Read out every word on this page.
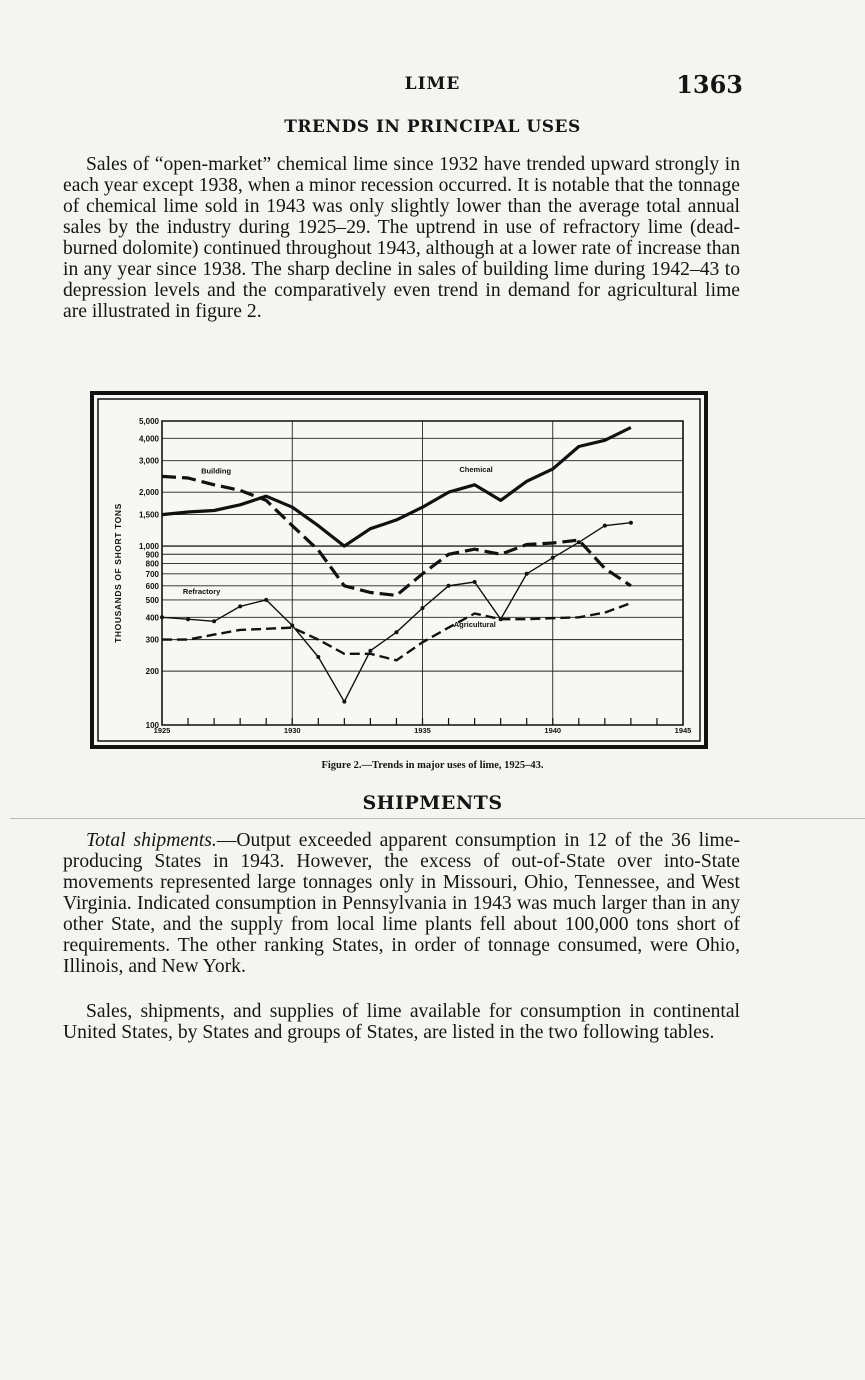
LIME	1363
TRENDS IN PRINCIPAL USES

Sales of “open-market” chemical lime since 1932 have trended upward strongly in each year except 1938, when a minor recession occurred. It is notable that the tonnage of chemical lime sold in 1943 was only slightly lower than the average total annual sales by the industry during 1925–29. The uptrend in use of refractory lime (dead-burned dolomite) continued throughout 1943, although at a lower rate of increase than in any year since 1938. The sharp decline in sales of building lime during 1942–43 to depression levels and the comparatively even trend in demand for agricultural lime are illustrated in figure 2.

100
200
300
400
500
600
700
800
900
1,000
1,500
2,000
3,000
4,000
5,000
1925	1930	1935	1940	1945
THOUSANDS OF SHORT TONS
Building	Chemical
Refractory
Agricultural
Figure 2.—Trends in major uses of lime, 1925–43.
SHIPMENTS

Total shipments.—Output exceeded apparent consumption in 12 of the 36 lime-producing States in 1943. However, the excess of out-of-State over into-State movements represented large tonnages only in Missouri, Ohio, Tennessee, and West Virginia. Indicated consumption in Pennsylvania in 1943 was much larger than in any other State, and the supply from local lime plants fell about 100,000 tons short of requirements. The other ranking States, in order of tonnage consumed, were Ohio, Illinois, and New York.

Sales, shipments, and supplies of lime available for consumption in continental United States, by States and groups of States, are listed in the two following tables.
